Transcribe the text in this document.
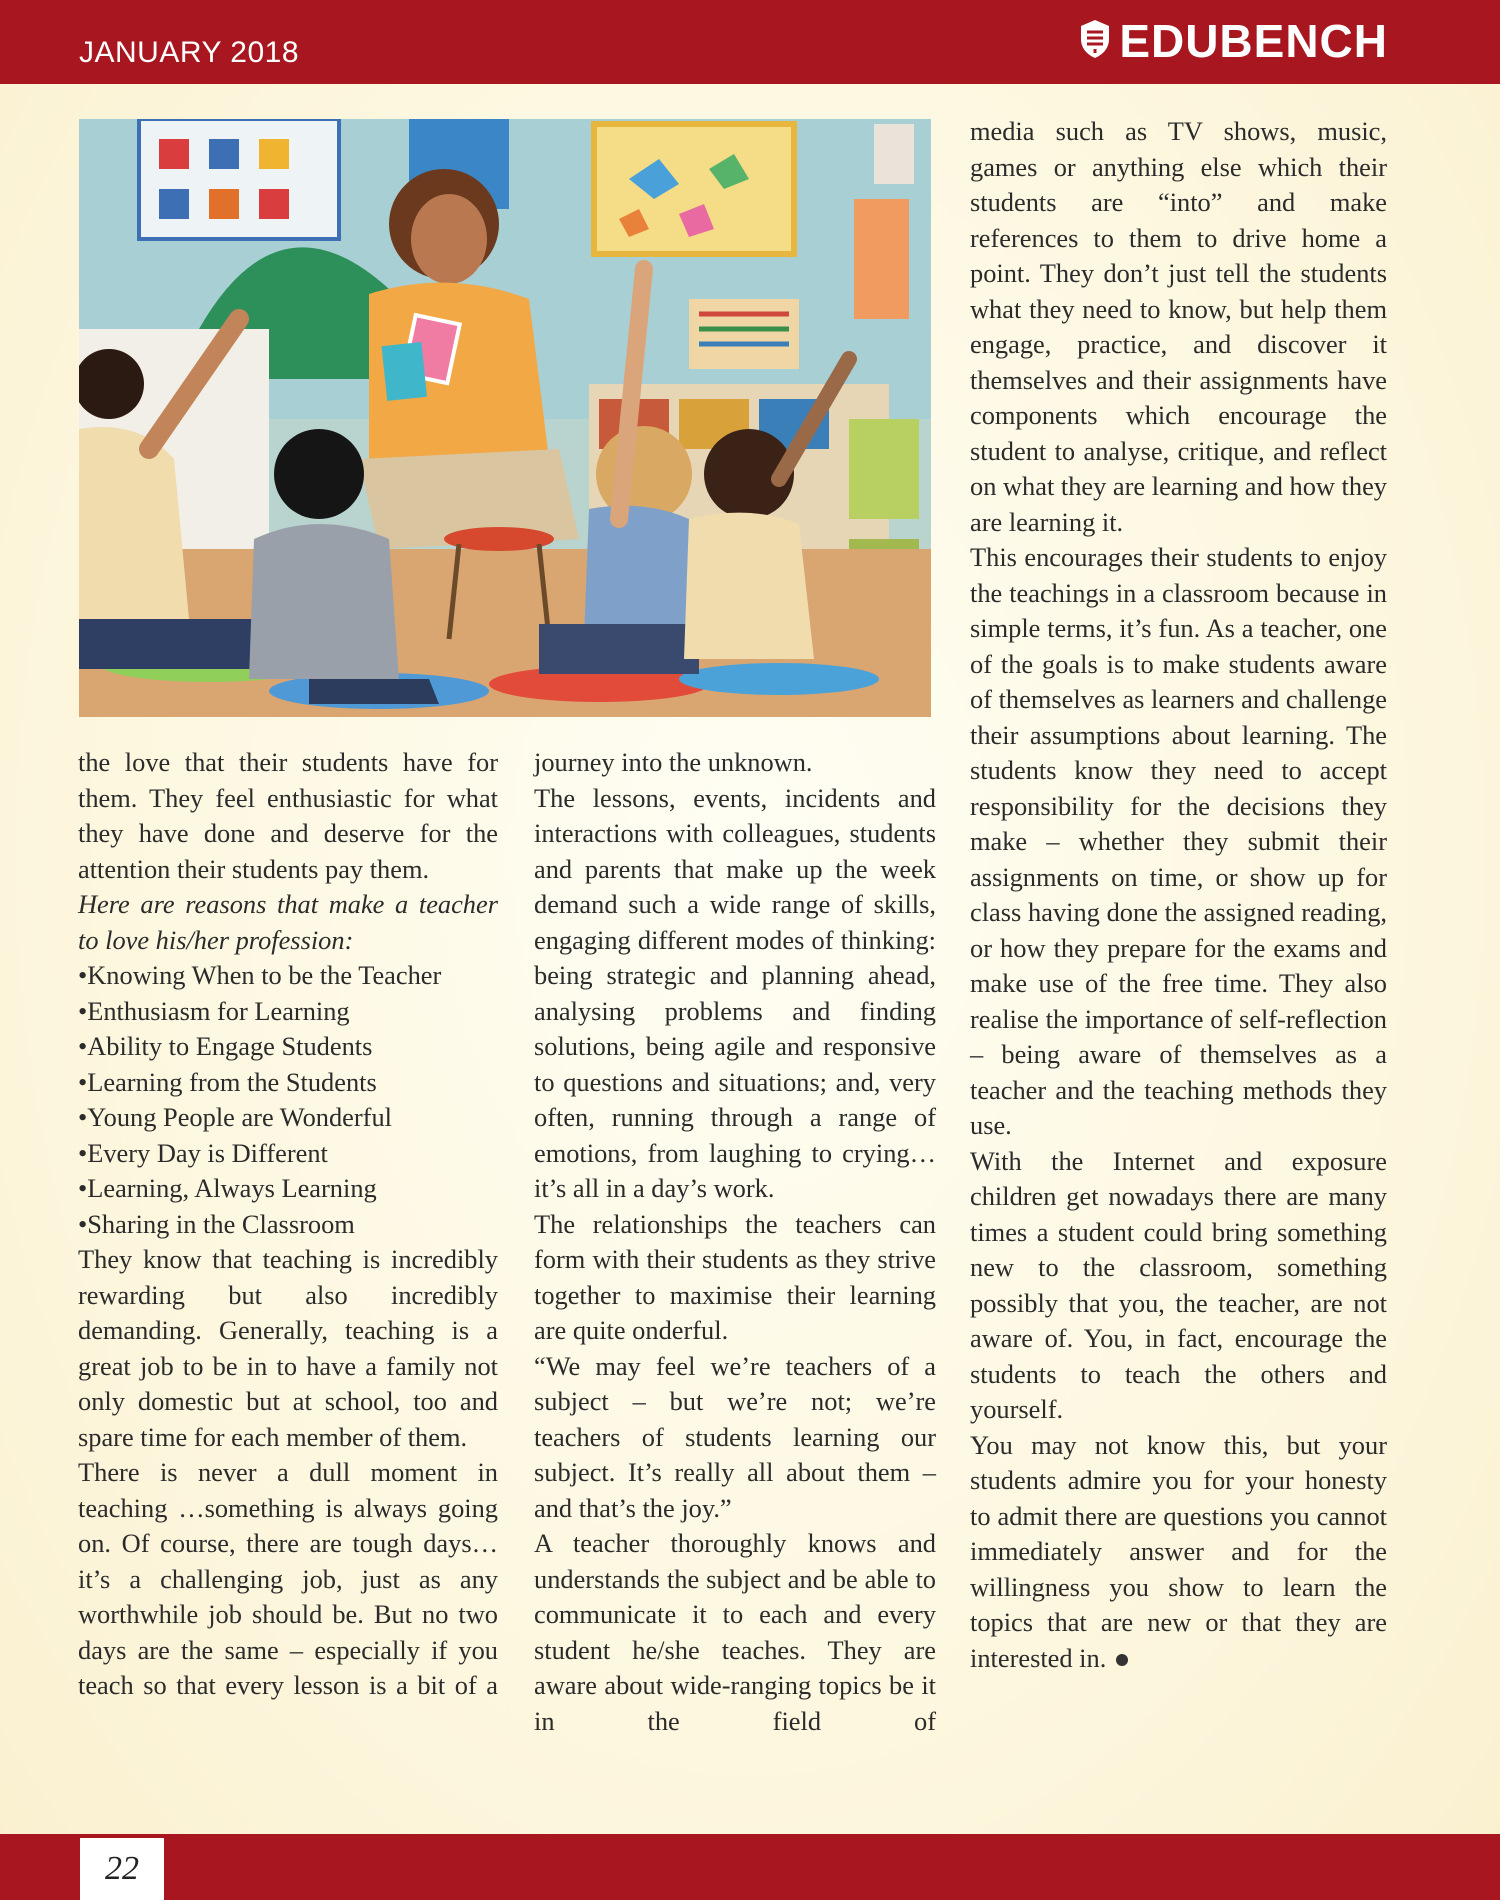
JANUARY 2018	EDUBENCH

the love that their students have for them. They feel enthusiastic for what they have done and deserve for the attention their students pay them.

Here are reasons that make a teacher to love his/her profession:

•Knowing When to be the Teacher

•Enthusiasm for Learning

•Ability to Engage Students

•Learning from the Students

•Young People are Wonderful

•Every Day is Different

•Learning, Always Learning

•Sharing in the Classroom

They know that teaching is incredibly rewarding but also incredibly demanding. Generally, teaching is a great job to be in to have a family not only domestic but at school, too and spare time for each member of them.

There is never a dull moment in teaching …something is always going on. Of course, there are tough days…it’s a challenging job, just as any worthwhile job should be. But no two days are the same – especially if you teach so that every lesson is a bit of a

journey into the unknown.

The lessons, events, incidents and interactions with colleagues, students and parents that make up the week demand such a wide range of skills, engaging different modes of thinking: being strategic and planning ahead, analysing problems and finding solutions, being agile and responsive to questions and situations; and, very often, running through a range of emotions, from laughing to crying…it’s all in a day’s work.

The relationships the teachers can form with their students as they strive together to maximise their learning are quite onderful.

“We may feel we’re teachers of a subject – but we’re not; we’re teachers of students learning our subject. It’s really all about them – and that’s the joy.”

A teacher thoroughly knows and understands the subject and be able to communicate it to each and every student he/she teaches. They are aware about wide-ranging topics be it in the field of

media such as TV shows, music, games or anything else which their students are “into” and make references to them to drive home a point. They don’t just tell the students what they need to know, but help them engage, practice, and discover it themselves and their assignments have components which encourage the student to analyse, critique, and reflect on what they are learning and how they are learning it.

This encourages their students to enjoy the teachings in a classroom because in simple terms, it’s fun. As a teacher, one of the goals is to make students aware of themselves as learners and challenge their assumptions about learning. The students know they need to accept responsibility for the decisions they make – whether they submit their assignments on time, or show up for class having done the assigned reading, or how they prepare for the exams and make use of the free time. They also realise the importance of self-reflection – being aware of themselves as a teacher and the teaching methods they use.

With the Internet and exposure children get nowadays there are many times a student could bring something new to the classroom, something possibly that you, the teacher, are not aware of. You, in fact, encourage the students to teach the others and yourself.

You may not know this, but your students admire you for your honesty to admit there are questions you cannot immediately answer and for the willingness you show to learn the topics that are new or that they are interested in.

22
